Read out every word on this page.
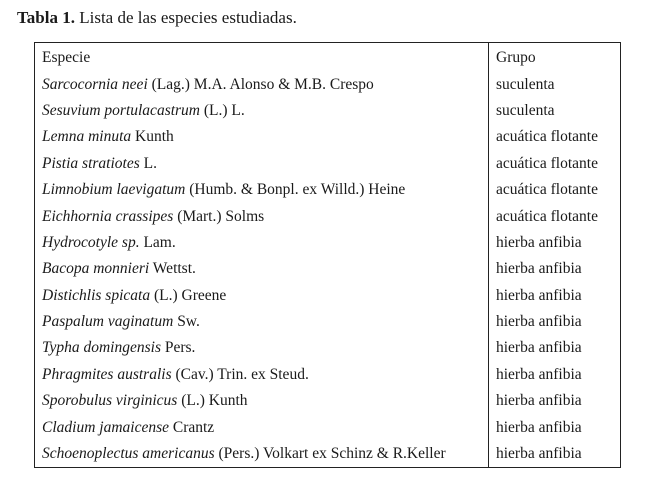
Tabla 1. Lista de las especies estudiadas.
Especie	Grupo
Sarcocornia neei (Lag.) M.A. Alonso & M.B. Crespo	suculenta
Sesuvium portulacastrum (L.) L.	suculenta
Lemna minuta Kunth	acuática flotante
Pistia stratiotes L.	acuática flotante
Limnobium laevigatum (Humb. & Bonpl. ex Willd.) Heine	acuática flotante
Eichhornia crassipes (Mart.) Solms	acuática flotante
Hydrocotyle sp. Lam.	hierba anfibia
Bacopa monnieri Wettst.	hierba anfibia
Distichlis spicata (L.) Greene	hierba anfibia
Paspalum vaginatum Sw.	hierba anfibia
Typha domingensis Pers.	hierba anfibia
Phragmites australis (Cav.) Trin. ex Steud.	hierba anfibia
Sporobulus virginicus (L.) Kunth	hierba anfibia
Cladium jamaicense Crantz	hierba anfibia
Schoenoplectus americanus (Pers.) Volkart ex Schinz & R.Keller	hierba anfibia
